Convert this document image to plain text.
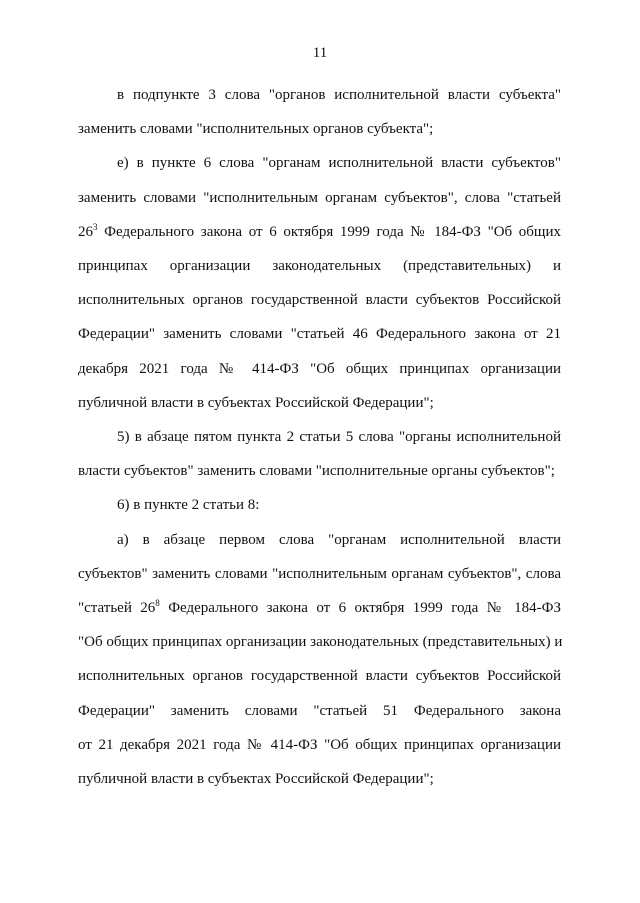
11

в подпункте 3 слова "органов исполнительной власти субъекта"
заменить словами "исполнительных органов субъекта";

е) в пункте 6 слова "органам исполнительной власти субъектов"
заменить словами "исполнительным органам субъектов", слова "статьей
$26^3$ Федерального закона от 6 октября 1999 года № 184-ФЗ "Об общих
принципах организации законодательных (представительных) и
исполнительных органов государственной власти субъектов Российской
Федерации" заменить словами "статьей 46 Федерального закона от 21
декабря 2021 года № 414-ФЗ "Об общих принципах организации
публичной власти в субъектах Российской Федерации";

5) в абзаце пятом пункта 2 статьи 5 слова "органы исполнительной
власти субъектов" заменить словами "исполнительные органы субъектов";

6) в пункте 2 статьи 8:

а) в абзаце первом слова "органам исполнительной власти
субъектов" заменить словами "исполнительным органам субъектов", слова
"статьей $26^8$ Федерального закона от 6 октября 1999 года № 184-ФЗ
"Об общих принципах организации законодательных (представительных) и
исполнительных органов государственной власти субъектов Российской
Федерации" заменить словами "статьей 51 Федерального закона
от 21 декабря 2021 года № 414-ФЗ "Об общих принципах организации
публичной власти в субъектах Российской Федерации";
